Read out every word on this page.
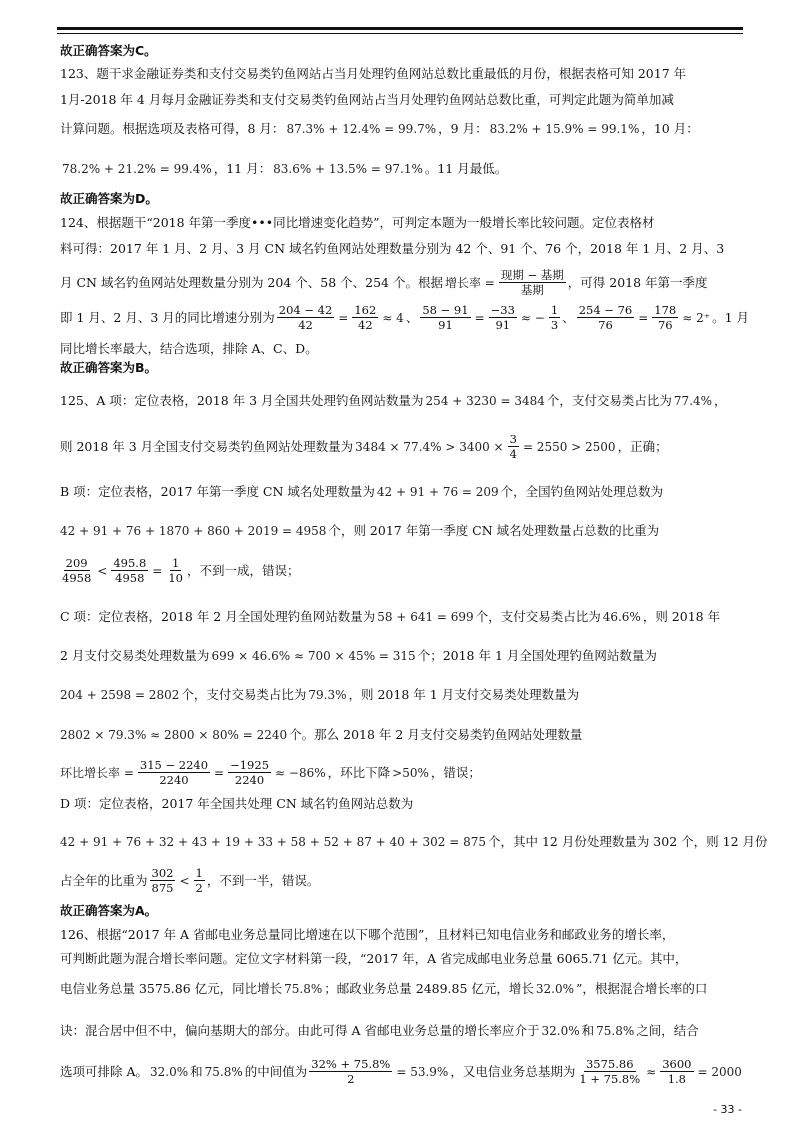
故正确答案为C。
123、题干求金融证券类和支付交易类钓鱼网站占当月处理钓鱼网站总数比重最低的月份，根据表格可知 2017 年
1月-2018 年 4 月每月金融证券类和支付交易类钓鱼网站占当月处理钓鱼网站总数比重，可判定此题为简单加减
计算问题。根据选项及表格可得，8 月： 87.3% + 12.4% = 99.7% ，9 月： 83.2% + 15.9% = 99.1% ，10 月：
78.2% + 21.2% = 99.4% ，11 月： 83.6% + 13.5% = 97.1% 。11 月最低。
故正确答案为D。
124、根据题干“2018 年第一季度•••同比增速变化趋势”，可判定本题为一般增长率比较问题。定位表格材
料可得：2017 年 1 月、2 月、3 月 CN 域名钓鱼网站处理数量分别为 42 个、91 个、76 个，2018 年 1 月、2 月、3
月 CN 域名钓鱼网站处理数量分别为 204 个、58 个、254 个。根据 增长率 =
现期 − 基期
基期
，可得 2018 年第一季度
即 1 月、2 月、3 月的同比增速分别为 $\frac{204 - 42}{42} = \frac{162}{42} \approx 4$ 、 $\frac{58 - 91}{91} = \frac{-33}{91}$ ≈ − $\frac{1}{3}$ 、 $\frac{254 - 76}{76} = \frac{178}{76} \approx 2^+$ 。1 月
同比增长率最大，结合选项，排除 A、C、D。
故正确答案为B。
125、A 项：定位表格，2018 年 3 月全国共处理钓鱼网站数量为 254 + 3230 = 3484 个，支付交易类占比为 77.4% ，
则 2018 年 3 月全国支付交易类钓鱼网站处理数量为 $3484 \times 77.4\% > 3400 \times \frac{3}{4} = 2550 > 2500$ ，正确；
B 项：定位表格，2017 年第一季度 CN 域名处理数量为 42 + 91 + 76 = 209 个，全国钓鱼网站处理总数为
42 + 91 + 76 + 1870 + 860 + 2019 = 4958 个，则 2017 年第一季度 CN 域名处理数量占总数的比重为
$\frac{209}{4958} < \frac{495.8}{4958} = \frac{1}{10}$ ，不到一成，错误；
C 项：定位表格，2018 年 2 月全国处理钓鱼网站数量为 58 + 641 = 699 个，支付交易类占比为 46.6% ，则 2018 年
2 月支付交易类处理数量为 699 × 46.6% ≈ 700 × 45% = 315 个；2018 年 1 月全国处理钓鱼网站数量为
204 + 2598 = 2802 个，支付交易类占比为 79.3% ，则 2018 年 1 月支付交易类处理数量为
2802 × 79.3% ≈ 2800 × 80% = 2240 个。那么 2018 年 2 月支付交易类钓鱼网站处理数量
环比增长率 = $\frac{315 - 2240}{2240} = \frac{-1925}{2240} \approx -86\%$ ，环比下降 >50% ，错误；
D 项：定位表格，2017 年全国共处理 CN 域名钓鱼网站总数为
42 + 91 + 76 + 32 + 43 + 19 + 33 + 58 + 52 + 87 + 40 + 302 = 875 个，其中 12 月份处理数量为 302 个，则 12 月份
占全年的比重为 $\frac{302}{875} < \frac{1}{2}$ ，不到一半，错误。
故正确答案为A。
126、根据“2017 年 A 省邮电业务总量同比增速在以下哪个范围”，且材料已知电信业务和邮政业务的增长率，
可判断此题为混合增长率问题。定位文字材料第一段，“2017 年，A 省完成邮电业务总量 6065.71 亿元。其中，
电信业务总量 3575.86 亿元，同比增长 75.8% ；邮政业务总量 2489.85 亿元，增长 32.0% ”，根据混合增长率的口
诀：混合居中但不中，偏向基期大的部分。由此可得 A 省邮电业务总量的增长率应介于 32.0% 和 75.8% 之间，结合
选项可排除 A。 32.0% 和 75.8% 的中间值为 $\frac{32\% + 75.8\%}{2} = 53.9\%$ ，又电信业务总基期为 $\frac{3575.86}{1 + 75.8\%} \approx \frac{3600}{1.8} = 2000$
- 33 -
